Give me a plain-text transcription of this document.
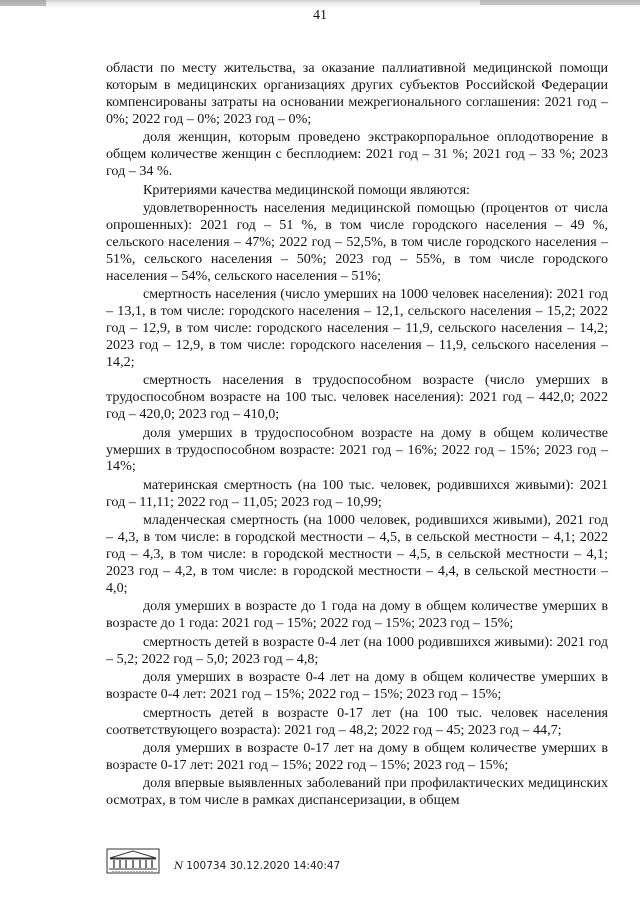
41

области по месту жительства, за оказание паллиативной медицинской помощи которым в медицинских организациях других субъектов Российской Федерации компенсированы затраты на основании межрегионального соглашения: 2021 год – 0%; 2022 год – 0%; 2023 год – 0%;

доля женщин, которым проведено экстракорпоральное оплодотворение в общем количестве женщин с бесплодием: 2021 год – 31 %; 2021 год – 33 %; 2023 год – 34 %.

Критериями качества медицинской помощи являются:

удовлетворенность населения медицинской помощью (процентов от числа опрошенных): 2021 год – 51 %, в том числе городского населения – 49 %, сельского населения – 47%; 2022 год – 52,5%, в том числе городского населения – 51%, сельского населения – 50%; 2023 год – 55%, в том числе городского населения – 54%, сельского населения – 51%;

смертность населения (число умерших на 1000 человек населения): 2021 год – 13,1, в том числе: городского населения – 12,1, сельского населения – 15,2; 2022 год – 12,9, в том числе: городского населения – 11,9, сельского населения – 14,2; 2023 год – 12,9, в том числе: городского населения – 11,9, сельского населения – 14,2;

смертность населения в трудоспособном возрасте (число умерших в трудоспособном возрасте на 100 тыс. человек населения): 2021 год – 442,0; 2022 год – 420,0; 2023 год – 410,0;

доля умерших в трудоспособном возрасте на дому в общем количестве умерших в трудоспособном возрасте: 2021 год – 16%; 2022 год – 15%; 2023 год – 14%;

материнская смертность (на 100 тыс. человек, родившихся живыми): 2021 год – 11,11; 2022 год – 11,05; 2023 год – 10,99;

младенческая смертность (на 1000 человек, родившихся живыми), 2021 год – 4,3, в том числе: в городской местности – 4,5, в сельской местности – 4,1; 2022 год – 4,3, в том числе: в городской местности – 4,5, в сельской местности – 4,1; 2023 год – 4,2, в том числе: в городской местности – 4,4, в сельской местности – 4,0;

доля умерших в возрасте до 1 года на дому в общем количестве умерших в возрасте до 1 года: 2021 год – 15%; 2022 год – 15%; 2023 год – 15%;

смертность детей в возрасте 0-4 лет (на 1000 родившихся живыми): 2021 год – 5,2; 2022 год – 5,0; 2023 год – 4,8;

доля умерших в возрасте 0-4 лет на дому в общем количестве умерших в возрасте 0-4 лет: 2021 год – 15%; 2022 год – 15%; 2023 год – 15%;

смертность детей в возрасте 0-17 лет (на 100 тыс. человек населения соответствующего возраста): 2021 год – 48,2; 2022 год – 45; 2023 год – 44,7;

доля умерших в возрасте 0-17 лет на дому в общем количестве умерших в возрасте 0-17 лет: 2021 год – 15%; 2022 год – 15%; 2023 год – 15%;

доля впервые выявленных заболеваний при профилактических медицинских осмотрах, в том числе в рамках диспансеризации, в общем

N 100734 30.12.2020 14:40:47
